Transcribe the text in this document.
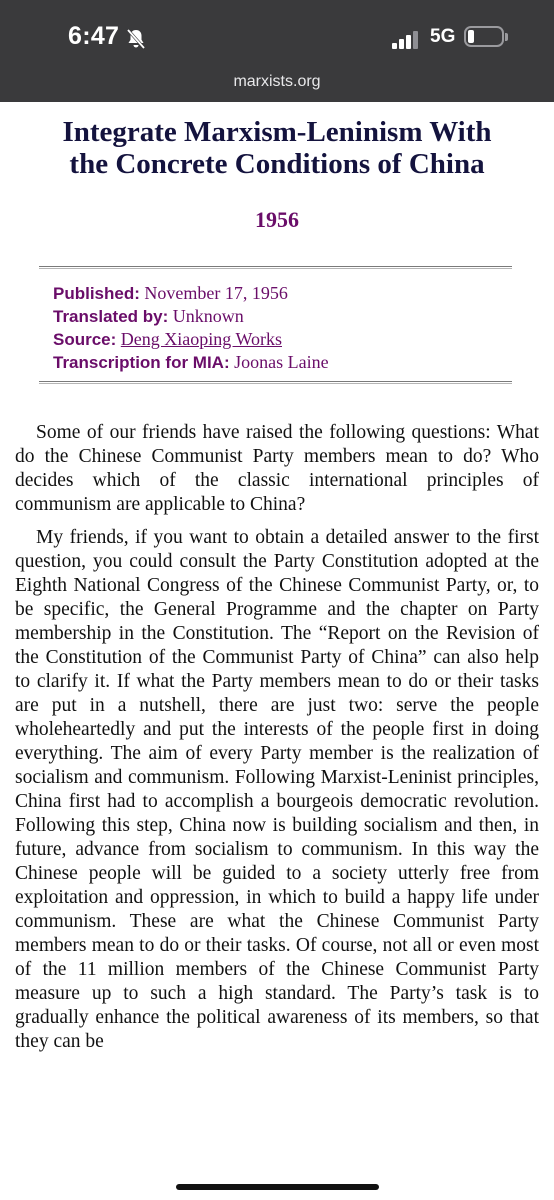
6:47	5G
marxists.org
Integrate Marxism-Leninism With
the Concrete Conditions of China
1956
Published: November 17, 1956
Translated by: Unknown
Source: Deng Xiaoping Works
Transcription for MIA: Joonas Laine

Some of our friends have raised the following questions: What do the Chinese Communist Party members mean to do? Who decides which of the classic international principles of communism are applicable to China?

My friends, if you want to obtain a detailed answer to the first question, you could consult the Party Constitution adopted at the Eighth National Congress of the Chinese Communist Party, or, to be specific, the General Programme and the chapter on Party membership in the Constitution. The “Report on the Revision of the Constitution of the Communist Party of China” can also help to clarify it. If what the Party members mean to do or their tasks are put in a nutshell, there are just two: serve the people wholeheartedly and put the interests of the people first in doing everything. The aim of every Party member is the realization of socialism and communism. Following Marxist-Leninist principles, China first had to accomplish a bourgeois democratic revolution. Following this step, China now is building socialism and then, in future, advance from socialism to communism. In this way the Chinese people will be guided to a society utterly free from exploitation and oppression, in which to build a happy life under communism. These are what the Chinese Communist Party members mean to do or their tasks. Of course, not all or even most of the 11 million members of the Chinese Communist Party measure up to such a high standard. The Party’s task is to gradually enhance the political awareness of its members, so that they can be
